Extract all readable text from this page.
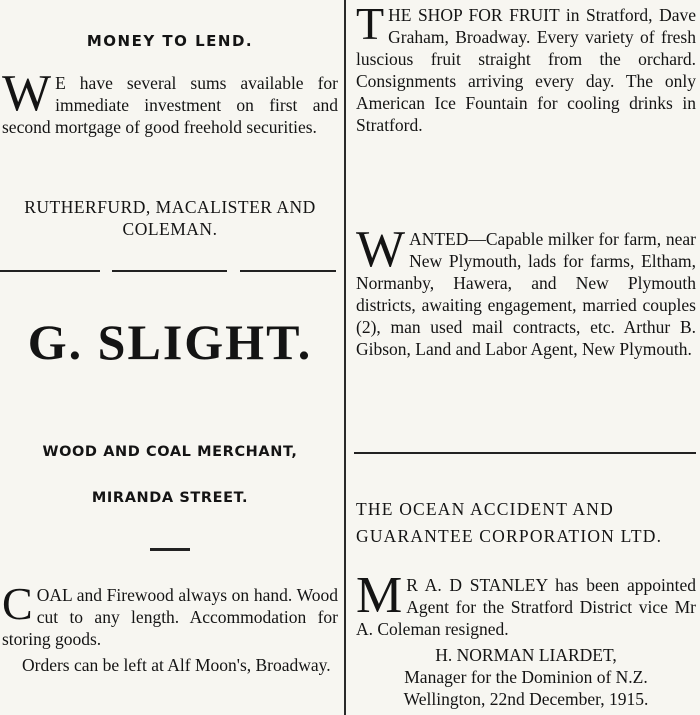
MONEY TO LEND.
W E have several sums available for immediate investment on first and second mortgage of good freehold securities.
RUTHERFURD, MACALISTER AND
COLEMAN.
G. SLIGHT.
WOOD AND COAL MERCHANT,
MIRANDA STREET.
COAL and Firewood always on hand. Wood cut to any length. Accommodation for storing goods.
Orders can be left at Alf Moon's, Broadway.
THE SHOP FOR FRUIT in Stratford, Dave Graham, Broadway. Every variety of fresh luscious fruit straight from the orchard. Consignments arriving every day. The only American Ice Fountain for cooling drinks in Stratford.
WANTED—Capable milker for farm, near New Plymouth, lads for farms, Eltham, Normanby, Hawera, and New Plymouth districts, awaiting engagement, married couples (2), man used mail contracts, etc. Arthur B. Gibson, Land and Labor Agent, New Plymouth.
THE OCEAN ACCIDENT AND
GUARANTEE CORPORATION LTD.
M R A. D STANLEY has been appointed Agent for the Stratford District vice Mr A. Coleman resigned.
H. NORMAN LIARDET,
Manager for the Dominion of N.Z.
Wellington, 22nd December, 1915.
